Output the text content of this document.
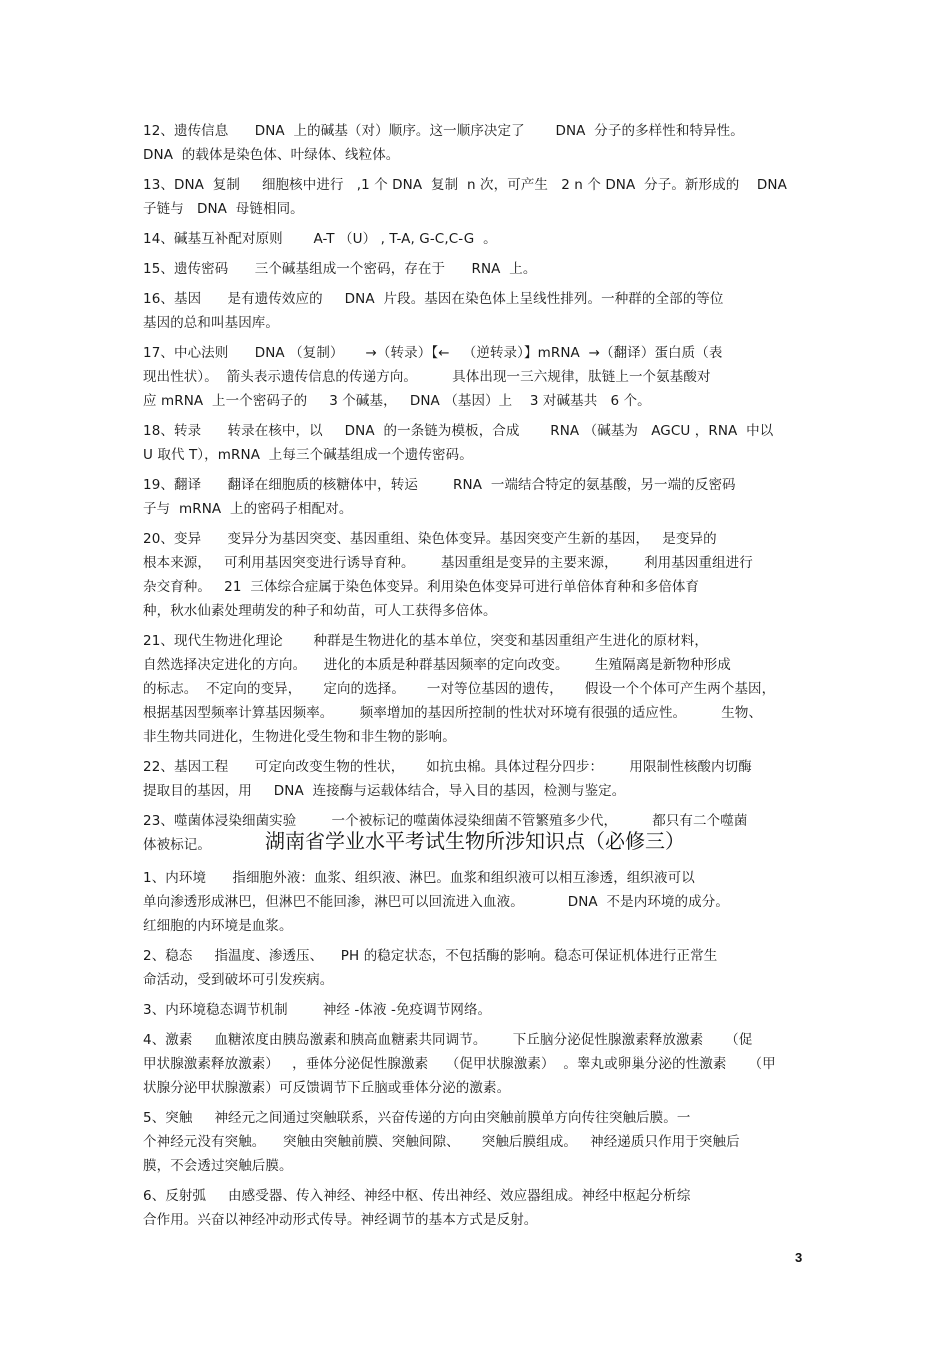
12、遗传信息      DNA  上的碱基（对）顺序。这一顺序决定了       DNA  分子的多样性和特异性。
DNA  的载体是染色体、叶绿体、线粒体。
13、DNA  复制     细胞核中进行   ,1 个 DNA  复制  n 次，可产生   2 n 个 DNA  分子。新形成的    DNA
子链与   DNA  母链相同。
14、碱基互补配对原则       A-T （U） , T-A, G-C,C-G  。
15、遗传密码      三个碱基组成一个密码，存在于      RNA  上。
16、基因      是有遗传效应的     DNA  片段。基因在染色体上呈线性排列。一种群的全部的等位
基因的总和叫基因库。
17、中心法则      DNA （复制）     →（转录）【←   （逆转录）】mRNA  →（翻译）蛋白质（表
现出性状）。  箭头表示遗传信息的传递方向。        具体出现一三六规律，肽链上一个氨基酸对
应 mRNA  上一个密码子的     3 个碱基，   DNA （基因）上    3 对碱基共   6 个。
18、转录      转录在核中，以     DNA  的一条链为模板，合成       RNA （碱基为   AGCU ，RNA  中以
U 取代 T），mRNA  上每三个碱基组成一个遗传密码。
19、翻译      翻译在细胞质的核糖体中，转运        RNA  一端结合特定的氨基酸，另一端的反密码
子与  mRNA  上的密码子相配对。
20、变异      变异分为基因突变、基因重组、染色体变异。基因突变产生新的基因，   是变异的
根本来源，   可利用基因突变进行诱导育种。      基因重组是变异的主要来源，      利用基因重组进行
杂交育种。   21  三体综合症属于染色体变异。利用染色体变异可进行单倍体育种和多倍体育
种，秋水仙素处理萌发的种子和幼苗，可人工获得多倍体。
21、现代生物进化理论       种群是生物进化的基本单位，突变和基因重组产生进化的原材料，
自然选择决定进化的方向。    进化的本质是种群基因频率的定向改变。      生殖隔离是新物种形成
的标志。  不定向的变异，     定向的选择。     一对等位基因的遗传，     假设一个个体可产生两个基因，
根据基因型频率计算基因频率。      频率增加的基因所控制的性状对环境有很强的适应性。        生物、
非生物共同进化，生物进化受生物和非生物的影响。
22、基因工程      可定向改变生物的性状，     如抗虫棉。具体过程分四步：      用限制性核酸内切酶
提取目的基因，用     DNA  连接酶与运载体结合，导入目的基因，检测与鉴定。
23、噬菌体浸染细菌实验        一个被标记的噬菌体浸染细菌不管繁殖多少代，        都只有二个噬菌
体被标记。	湖南省学业水平考试生物所涉知识点（必修三）
1、内环境      指细胞外液：血浆、组织液、淋巴。血浆和组织液可以相互渗透，组织液可以
单向渗透形成淋巴，但淋巴不能回渗，淋巴可以回流进入血液。          DNA  不是内环境的成分。
红细胞的内环境是血浆。
2、稳态     指温度、渗透压、    PH 的稳定状态，不包括酶的影响。稳态可保证机体进行正常生
命活动，受到破坏可引发疾病。
3、内环境稳态调节机制        神经 -体液 -免疫调节网络。
4、激素     血糖浓度由胰岛激素和胰高血糖素共同调节。      下丘脑分泌促性腺激素释放激素     （促
甲状腺激素释放激素）   ，垂体分泌促性腺激素    （促甲状腺激素）  。睾丸或卵巢分泌的性激素     （甲
状腺分泌甲状腺激素）可反馈调节下丘脑或垂体分泌的激素。
5、突触     神经元之间通过突触联系，兴奋传递的方向由突触前膜单方向传往突触后膜。一
个神经元没有突触。    突触由突触前膜、突触间隙、     突触后膜组成。   神经递质只作用于突触后
膜，不会透过突触后膜。
6、反射弧     由感受器、传入神经、神经中枢、传出神经、效应器组成。神经中枢起分析综
合作用。兴奋以神经冲动形式传导。神经调节的基本方式是反射。
3
